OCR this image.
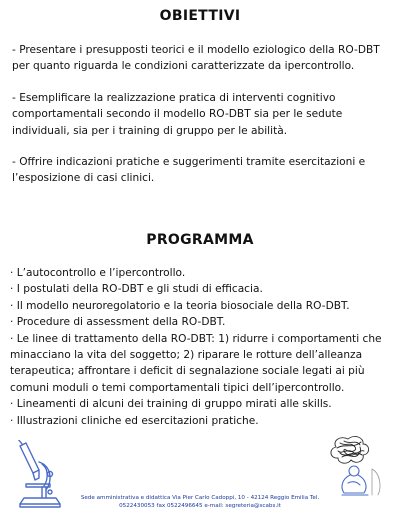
OBIETTIVI

- Presentare i presupposti teorici e il modello eziologico della RO-DBT per quanto riguarda le condizioni caratterizzate da ipercontrollo.

- Esemplificare la realizzazione pratica di interventi cognitivo comportamentali secondo il modello RO-DBT sia per le sedute individuali, sia per i training di gruppo per le abilità.

- Offrire indicazioni pratiche e suggerimenti tramite esercitazioni e l’esposizione di casi clinici.

PROGRAMMA

· L’autocontrollo e l’ipercontrollo.

· I postulati della RO-DBT e gli studi di efficacia.

· Il modello neuroregolatorio e la teoria biosociale della RO-DBT.

· Procedure di assessment della RO-DBT.

· Le linee di trattamento della RO-DBT: 1) ridurre i comportamenti che minacciano la vita del soggetto; 2) riparare le rotture dell’alleanza terapeutica; affrontare i deficit di segnalazione sociale legati ai più comuni moduli o temi comportamentali tipici dell’ipercontrollo.

· Lineamenti di alcuni dei training di gruppo mirati alle skills.

· Illustrazioni cliniche ed esercitazioni pratiche.

Sede amministrativa e didattica Via Pier Carlo Cadoppi, 10 - 42124 Reggio Emilia Tel.
0522430053 fax 0522496645 e-mail: segreteria@scabs.it
